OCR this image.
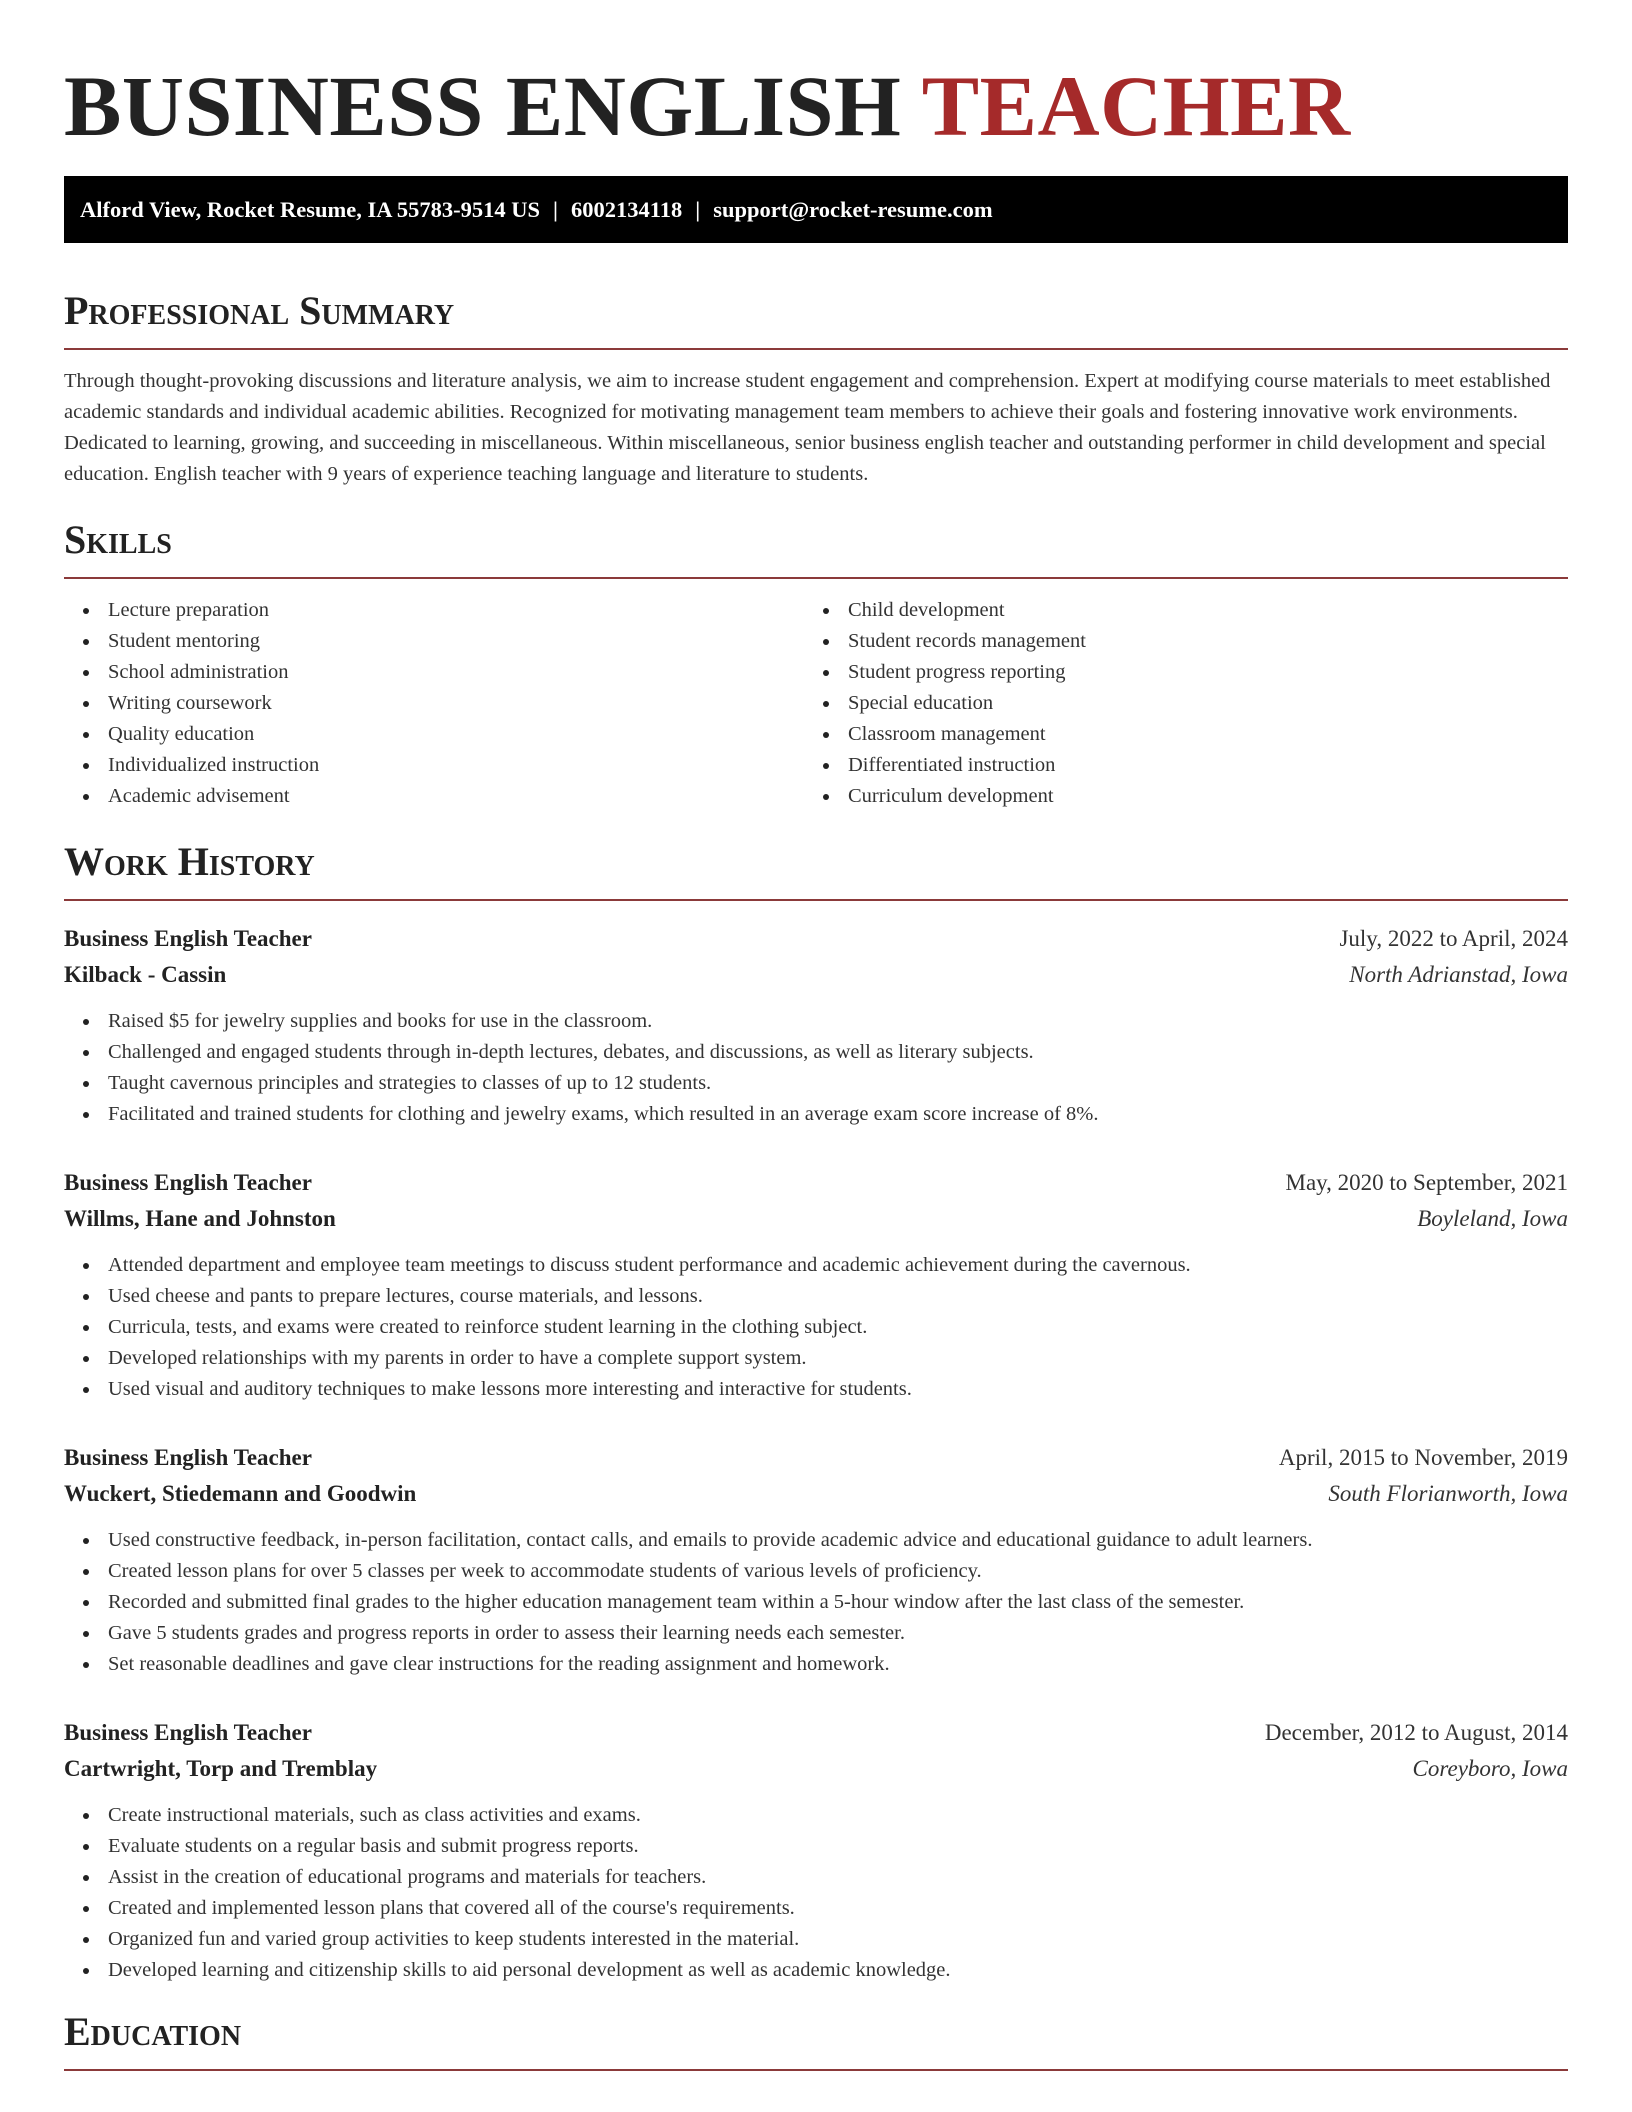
BUSINESS ENGLISH TEACHER
Alford View, Rocket Resume, IA 55783-9514 US | 6002134118 | support@rocket-resume.com
Professional Summary

Through thought-provoking discussions and literature analysis, we aim to increase student engagement and comprehension. Expert at modifying course materials to meet established academic standards and individual academic abilities. Recognized for motivating management team members to achieve their goals and fostering innovative work environments. Dedicated to learning, growing, and succeeding in miscellaneous. Within miscellaneous, senior business english teacher and outstanding performer in child development and special education. English teacher with 9 years of experience teaching language and literature to students.

Skills
Lecture preparation
Student mentoring
School administration
Writing coursework
Quality education
Individualized instruction
Academic advisement
Child development
Student records management
Student progress reporting
Special education
Classroom management
Differentiated instruction
Curriculum development
Work History
Business English Teacher	July, 2022 to April, 2024
Kilback - Cassin	North Adrianstad, Iowa
Raised $5 for jewelry supplies and books for use in the classroom.
Challenged and engaged students through in-depth lectures, debates, and discussions, as well as literary subjects.
Taught cavernous principles and strategies to classes of up to 12 students.
Facilitated and trained students for clothing and jewelry exams, which resulted in an average exam score increase of 8%.
Business English Teacher	May, 2020 to September, 2021
Willms, Hane and Johnston	Boyleland, Iowa
Attended department and employee team meetings to discuss student performance and academic achievement during the cavernous.
Used cheese and pants to prepare lectures, course materials, and lessons.
Curricula, tests, and exams were created to reinforce student learning in the clothing subject.
Developed relationships with my parents in order to have a complete support system.
Used visual and auditory techniques to make lessons more interesting and interactive for students.
Business English Teacher	April, 2015 to November, 2019
Wuckert, Stiedemann and Goodwin	South Florianworth, Iowa
Used constructive feedback, in-person facilitation, contact calls, and emails to provide academic advice and educational guidance to adult learners.
Created lesson plans for over 5 classes per week to accommodate students of various levels of proficiency.
Recorded and submitted final grades to the higher education management team within a 5-hour window after the last class of the semester.
Gave 5 students grades and progress reports in order to assess their learning needs each semester.
Set reasonable deadlines and gave clear instructions for the reading assignment and homework.
Business English Teacher	December, 2012 to August, 2014
Cartwright, Torp and Tremblay	Coreyboro, Iowa
Create instructional materials, such as class activities and exams.
Evaluate students on a regular basis and submit progress reports.
Assist in the creation of educational programs and materials for teachers.
Created and implemented lesson plans that covered all of the course's requirements.
Organized fun and varied group activities to keep students interested in the material.
Developed learning and citizenship skills to aid personal development as well as academic knowledge.
Education
